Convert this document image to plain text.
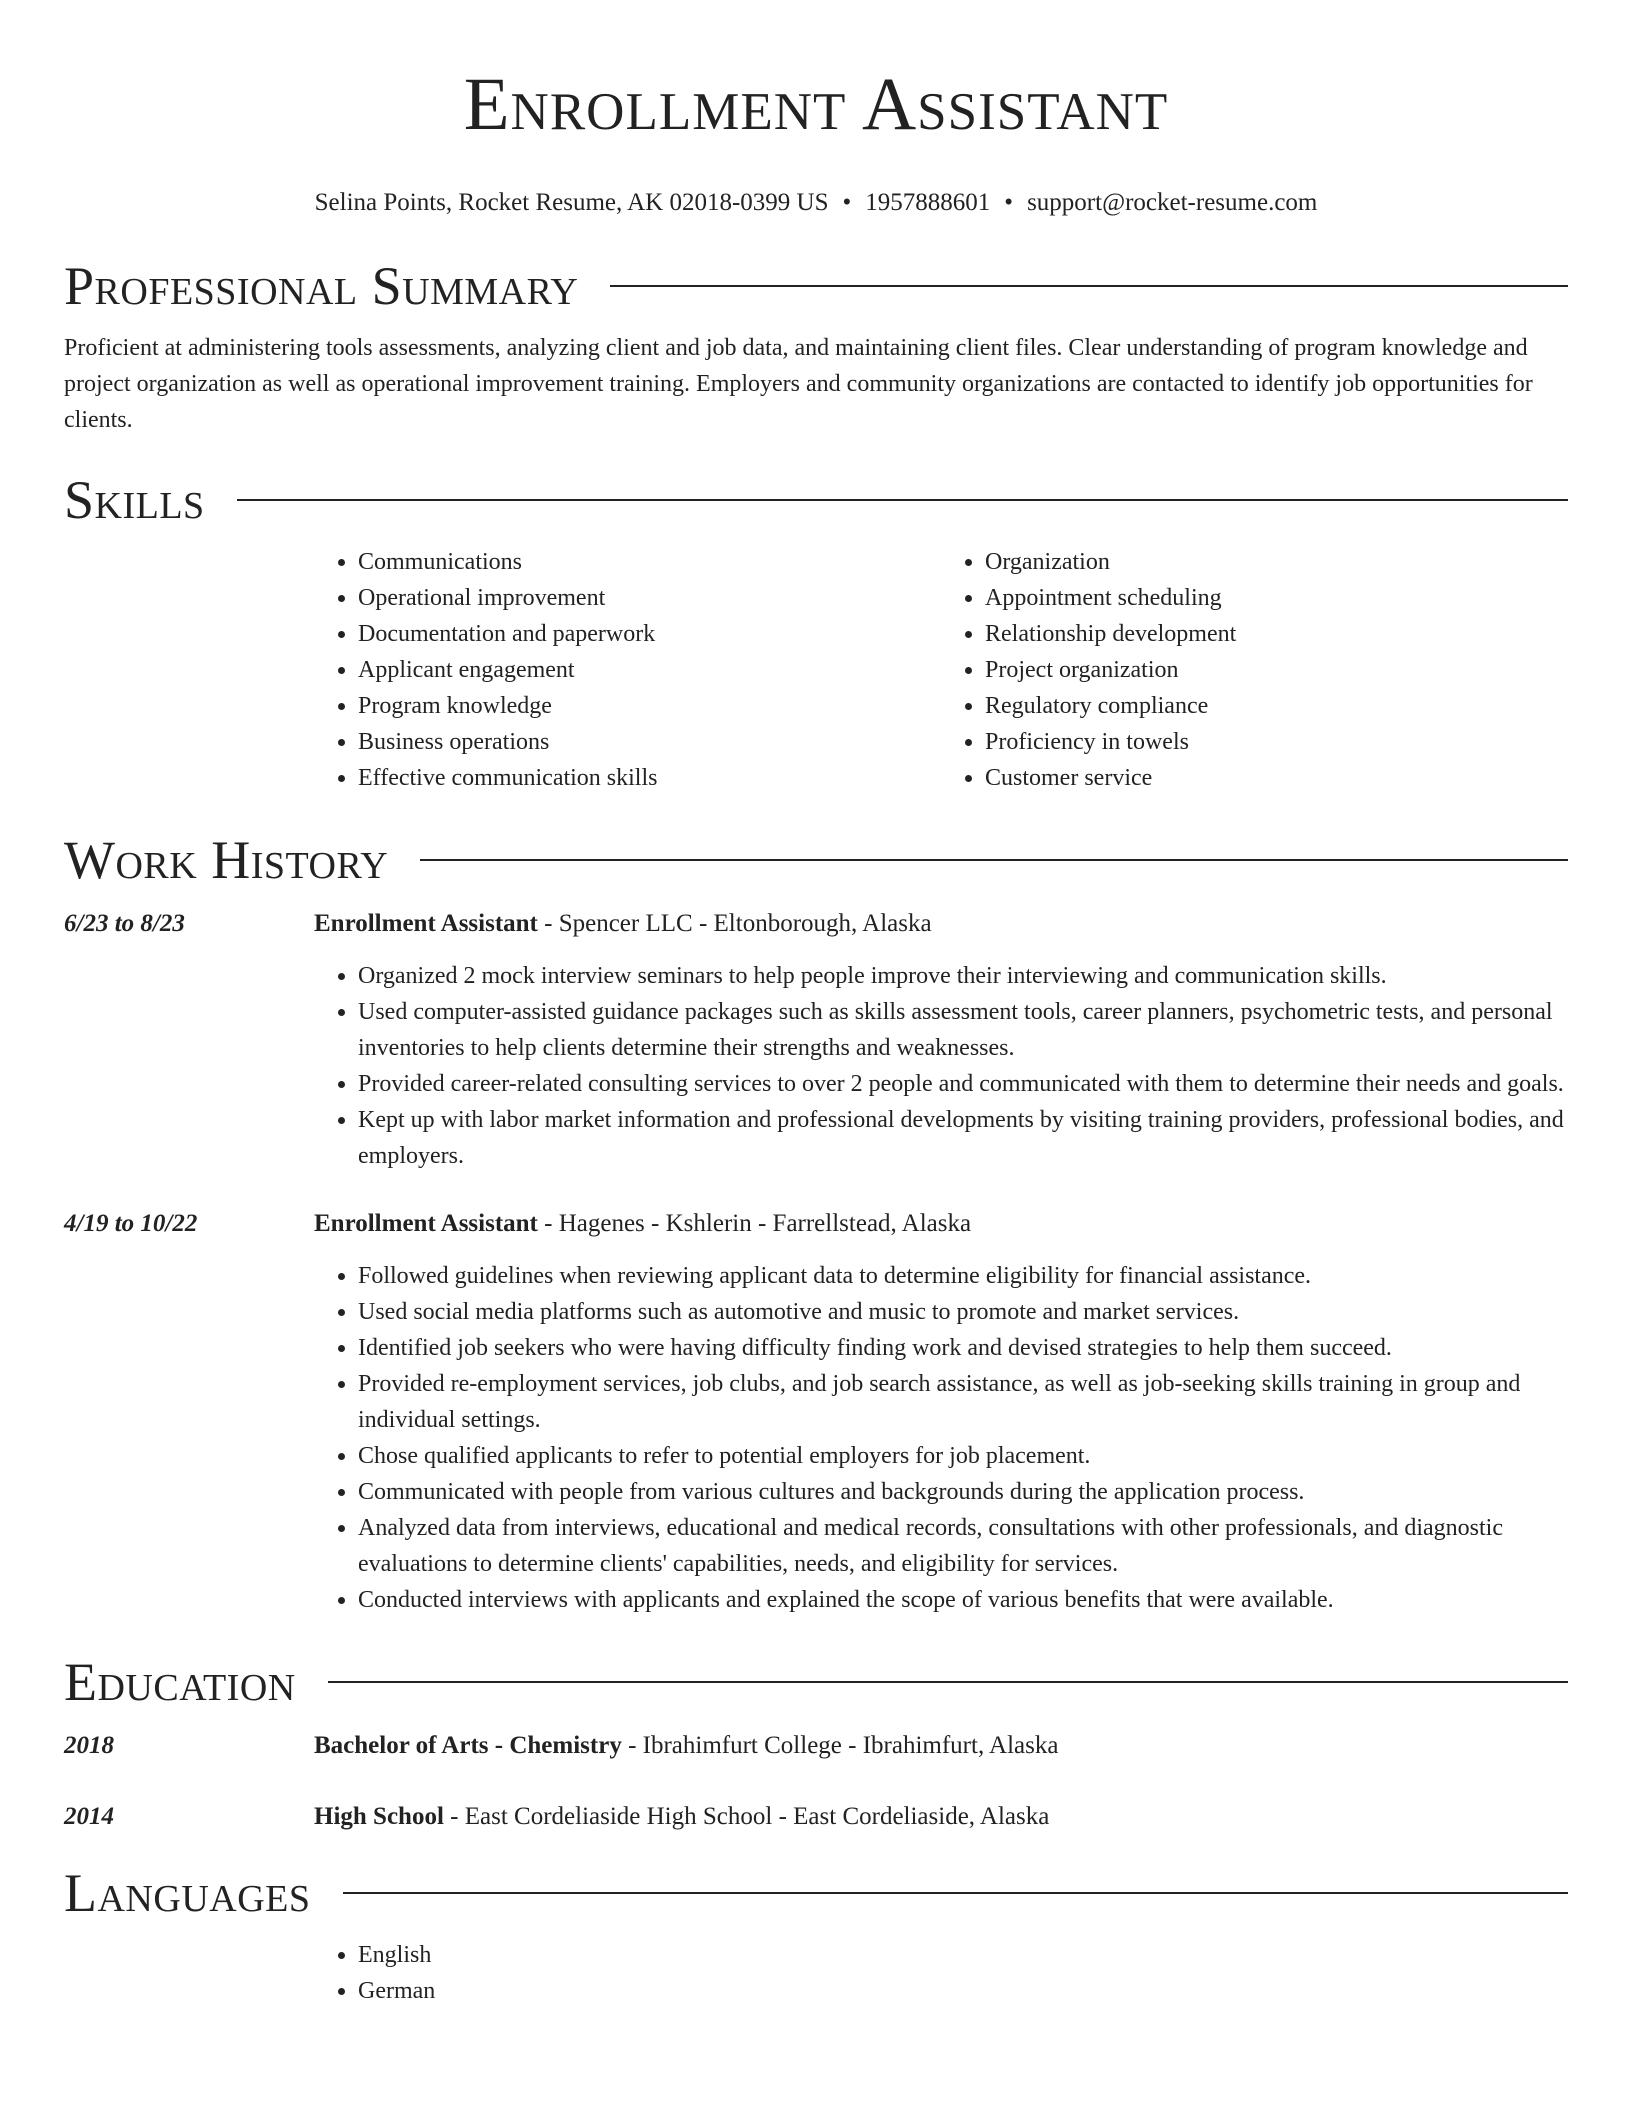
Enrollment Assistant
Selina Points, Rocket Resume, AK 02018-0399 US • 1957888601 • support@rocket-resume.com
Professional Summary

Proficient at administering tools assessments, analyzing client and job data, and maintaining client files. Clear understanding of program knowledge and project organization as well as operational improvement training. Employers and community organizations are contacted to identify job opportunities for clients.

Skills
• Communications
• Operational improvement
• Documentation and paperwork
• Applicant engagement
• Program knowledge
• Business operations
• Effective communication skills
• Organization
• Appointment scheduling
• Relationship development
• Project organization
• Regulatory compliance
• Proficiency in towels
• Customer service
Work History
6/23 to 8/23	Enrollment Assistant - Spencer LLC - Eltonborough, Alaska
• Organized 2 mock interview seminars to help people improve their interviewing and communication skills.
• Used computer-assisted guidance packages such as skills assessment tools, career planners, psychometric tests, and personal inventories to help clients determine their strengths and weaknesses.
• Provided career-related consulting services to over 2 people and communicated with them to determine their needs and goals.
• Kept up with labor market information and professional developments by visiting training providers, professional bodies, and employers.
4/19 to 10/22	Enrollment Assistant - Hagenes - Kshlerin - Farrellstead, Alaska
• Followed guidelines when reviewing applicant data to determine eligibility for financial assistance.
• Used social media platforms such as automotive and music to promote and market services.
• Identified job seekers who were having difficulty finding work and devised strategies to help them succeed.
• Provided re-employment services, job clubs, and job search assistance, as well as job-seeking skills training in group and individual settings.
• Chose qualified applicants to refer to potential employers for job placement.
• Communicated with people from various cultures and backgrounds during the application process.
• Analyzed data from interviews, educational and medical records, consultations with other professionals, and diagnostic evaluations to determine clients' capabilities, needs, and eligibility for services.
• Conducted interviews with applicants and explained the scope of various benefits that were available.
Education
2018	Bachelor of Arts - Chemistry - Ibrahimfurt College - Ibrahimfurt, Alaska
2014	High School - East Cordeliaside High School - East Cordeliaside, Alaska
Languages
• English
• German
